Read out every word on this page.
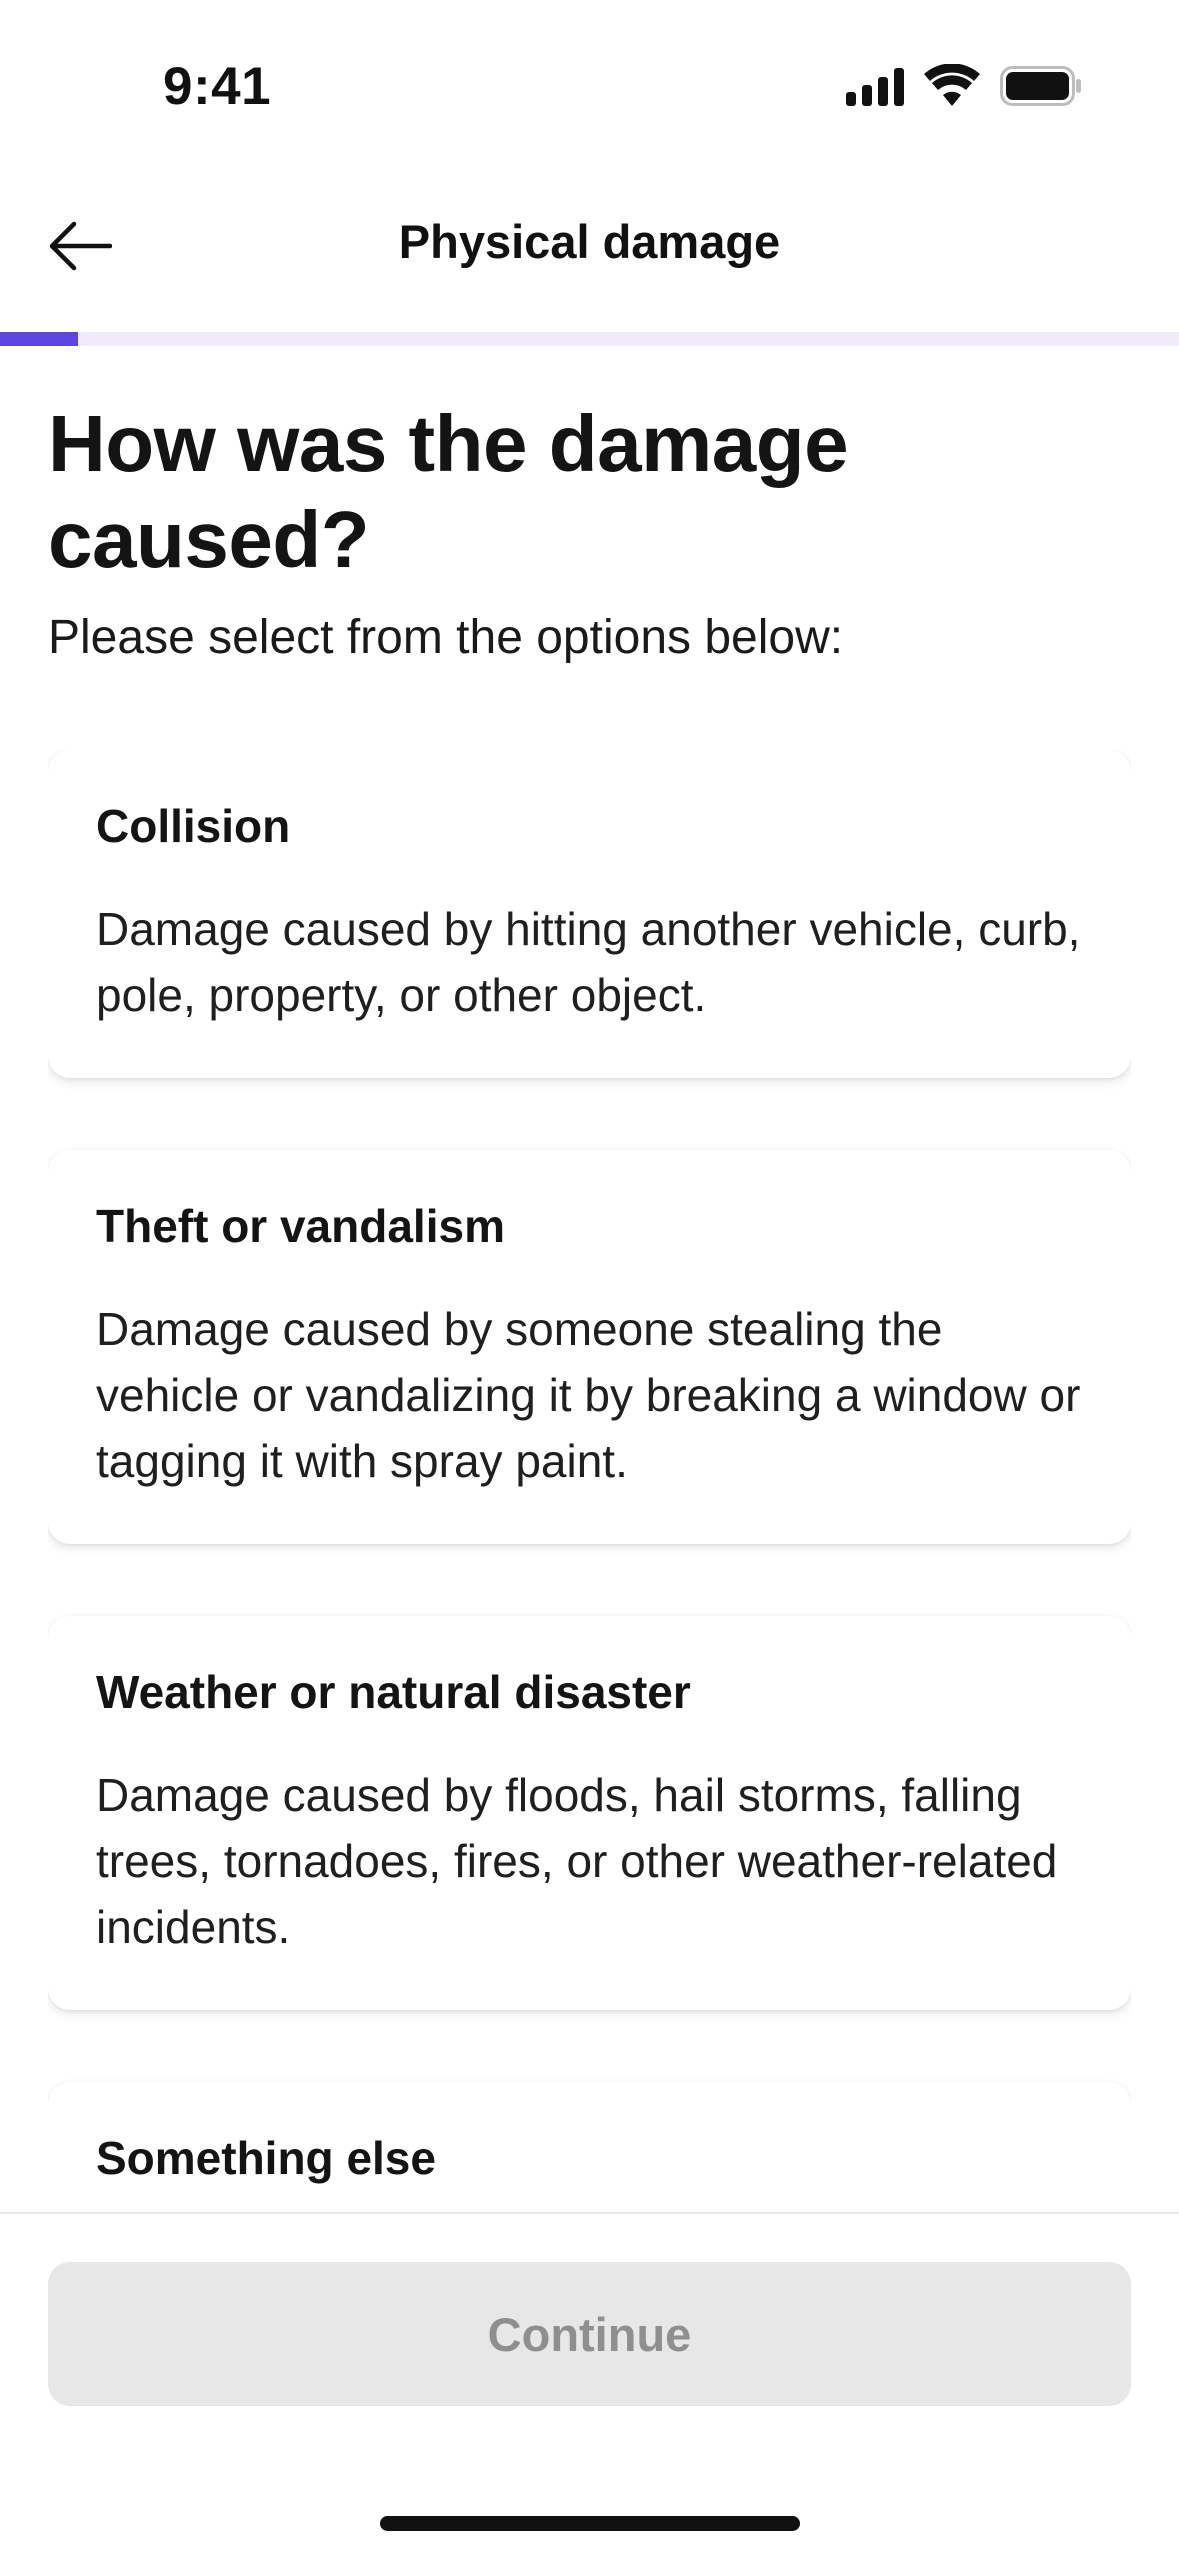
9:41
Physical damage
How was the damage caused?

Please select from the options below:

Collision
Damage caused by hitting another vehicle, curb, pole, property, or other object.
Theft or vandalism
Damage caused by someone stealing the vehicle or vandalizing it by breaking a window or tagging it with spray paint.
Weather or natural disaster
Damage caused by floods, hail storms, falling trees, tornadoes, fires, or other weather-related incidents.
Something else
Continue
